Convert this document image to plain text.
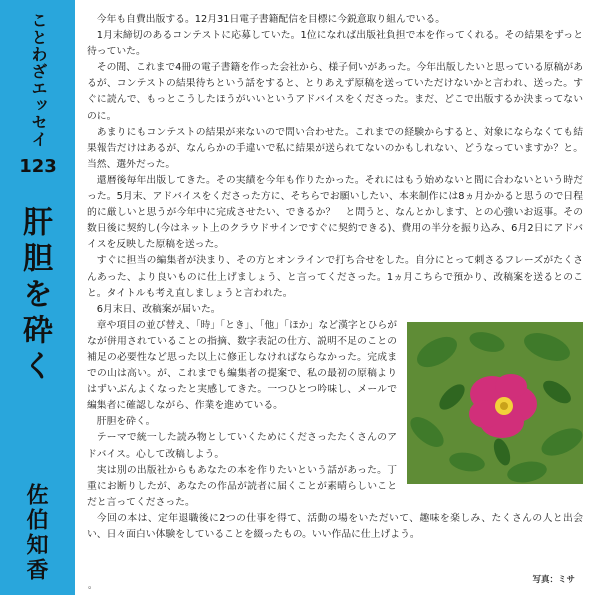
ことわざエッセイ
123
肝胆を砕く
佐伯知香

今年も自費出版する。12月31日電子書籍配信を目標に今鋭意取り組んでいる。

1月末締切のあるコンテストに応募していた。1位になれば出版社負担で本を作ってくれる。その結果をずっと待っていた。

その間、これまで4冊の電子書籍を作った会社から、様子伺いがあった。今年出版したいと思っている原稿があるが、コンテストの結果待ちという話をすると、とりあえず原稿を送っていただけないかと言われ、送った。すぐに読んで、もっとこうしたほうがいいというアドバイスをくださった。まだ、どこで出版するか決まってないのに。

あまりにもコンテストの結果が来ないので問い合わせた。これまでの経験からすると、対象にならなくても結果報告だけはあるが、なんらかの手違いで私に結果が送られてないのかもしれない、どうなっていますか？と。当然、選外だった。

還暦後毎年出版してきた。その実績を今年も作りたかった。それにはもう始めないと間に合わないという時だった。5月末、アドバイスをくださった方に、そちらでお願いしたい、本来制作には8ヵ月かかると思うので日程的に厳しいと思うが今年中に完成させたい、できるか？　と問うと、なんとかします、との心強いお返事。その数日後に契約し(今はネット上のクラウドサインですぐに契約できる)、費用の半分を振り込み、6月2日にアドバイスを反映した原稿を送った。

すぐに担当の編集者が決まり、その方とオンラインで打ち合せをした。自分にとって刺さるフレーズがたくさんあった、より良いものに仕上げましょう、と言ってくださった。1ヵ月こちらで預かり、改稿案を送るとのこと。タイトルも考え直しましょうと言われた。

6月末日、改稿案が届いた。

章や項目の並び替え、「時」「とき」、「他」「ほか」など漢字とひらがなが併用されていることの指摘、数字表記の仕方、説明不足のことの補足の必要性など思った以上に修正しなければならなかった。完成までの山は高い。が、これまでも編集者の提案で、私の最初の原稿よりはずいぶんよくなったと実感してきた。一つひとつ吟味し、メールで編集者に確認しながら、作業を進めている。

肝胆を砕く。

テーマで統一した読み物としていくためにくださったたくさんのアドバイス。心して改稿しよう。

実は別の出版社からもあなたの本を作りたいという話があった。丁重にお断りしたが、あなたの作品が読者に届くことが素晴らしいことだと言ってくださった。

今回の本は、定年退職後に2つの仕事を得て、活動の場をいただいて、趣味を楽しみ、たくさんの人と出会い、日々面白い体験をしていることを綴ったもの。いい作品に仕上げよう。

。
写真：ミサ
